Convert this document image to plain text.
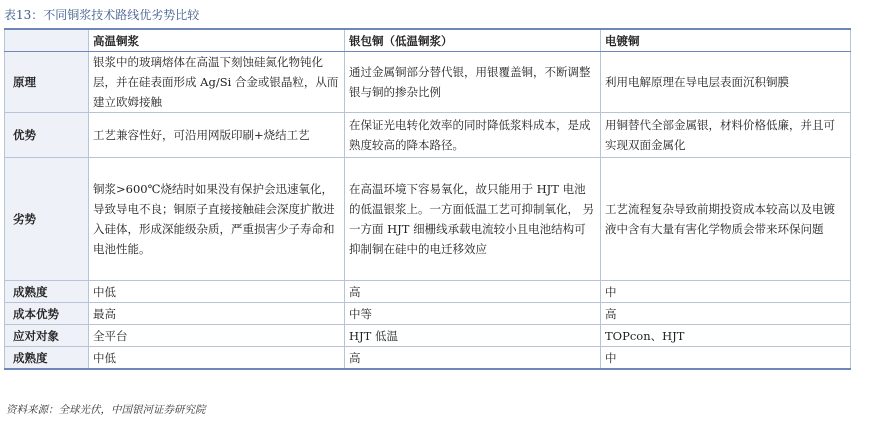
表13：不同铜浆技术路线优劣势比较
	高温铜浆	银包铜（低温铜浆）	电镀铜
原理	银浆中的玻璃熔体在高温下刻蚀硅氮化物钝化层，并在硅表面形成 Ag/Si 合金或银晶粒，从而建立欧姆接触	通过金属铜部分替代银，用银覆盖铜，不断调整银与铜的掺杂比例	利用电解原理在导电层表面沉积铜膜
优势	工艺兼容性好，可沿用网版印刷+烧结工艺	在保证光电转化效率的同时降低浆料成本，是成熟度较高的降本路径。	用铜替代全部金属银，材料价格低廉，并且可实现双面金属化
劣势	铜浆>600℃烧结时如果没有保护会迅速氧化，导致导电不良；铜原子直接接触硅会深度扩散进入硅体，形成深能级杂质，严重损害少子寿命和电池性能。	在高温环境下容易氧化，故只能用于 HJT 电池的低温银浆上。一方面低温工艺可抑制氧化， 另一方面 HJT 细栅线承载电流较小且电池结构可抑制铜在硅中的电迁移效应	工艺流程复杂导致前期投资成本较高以及电镀液中含有大量有害化学物质会带来环保问题
成熟度	中低	高	中
成本优势	最高	中等	高
应对对象	全平台	HJT 低温	TOPcon、HJT
成熟度	中低	高	中
资料来源：全球光伏，中国银河证券研究院
